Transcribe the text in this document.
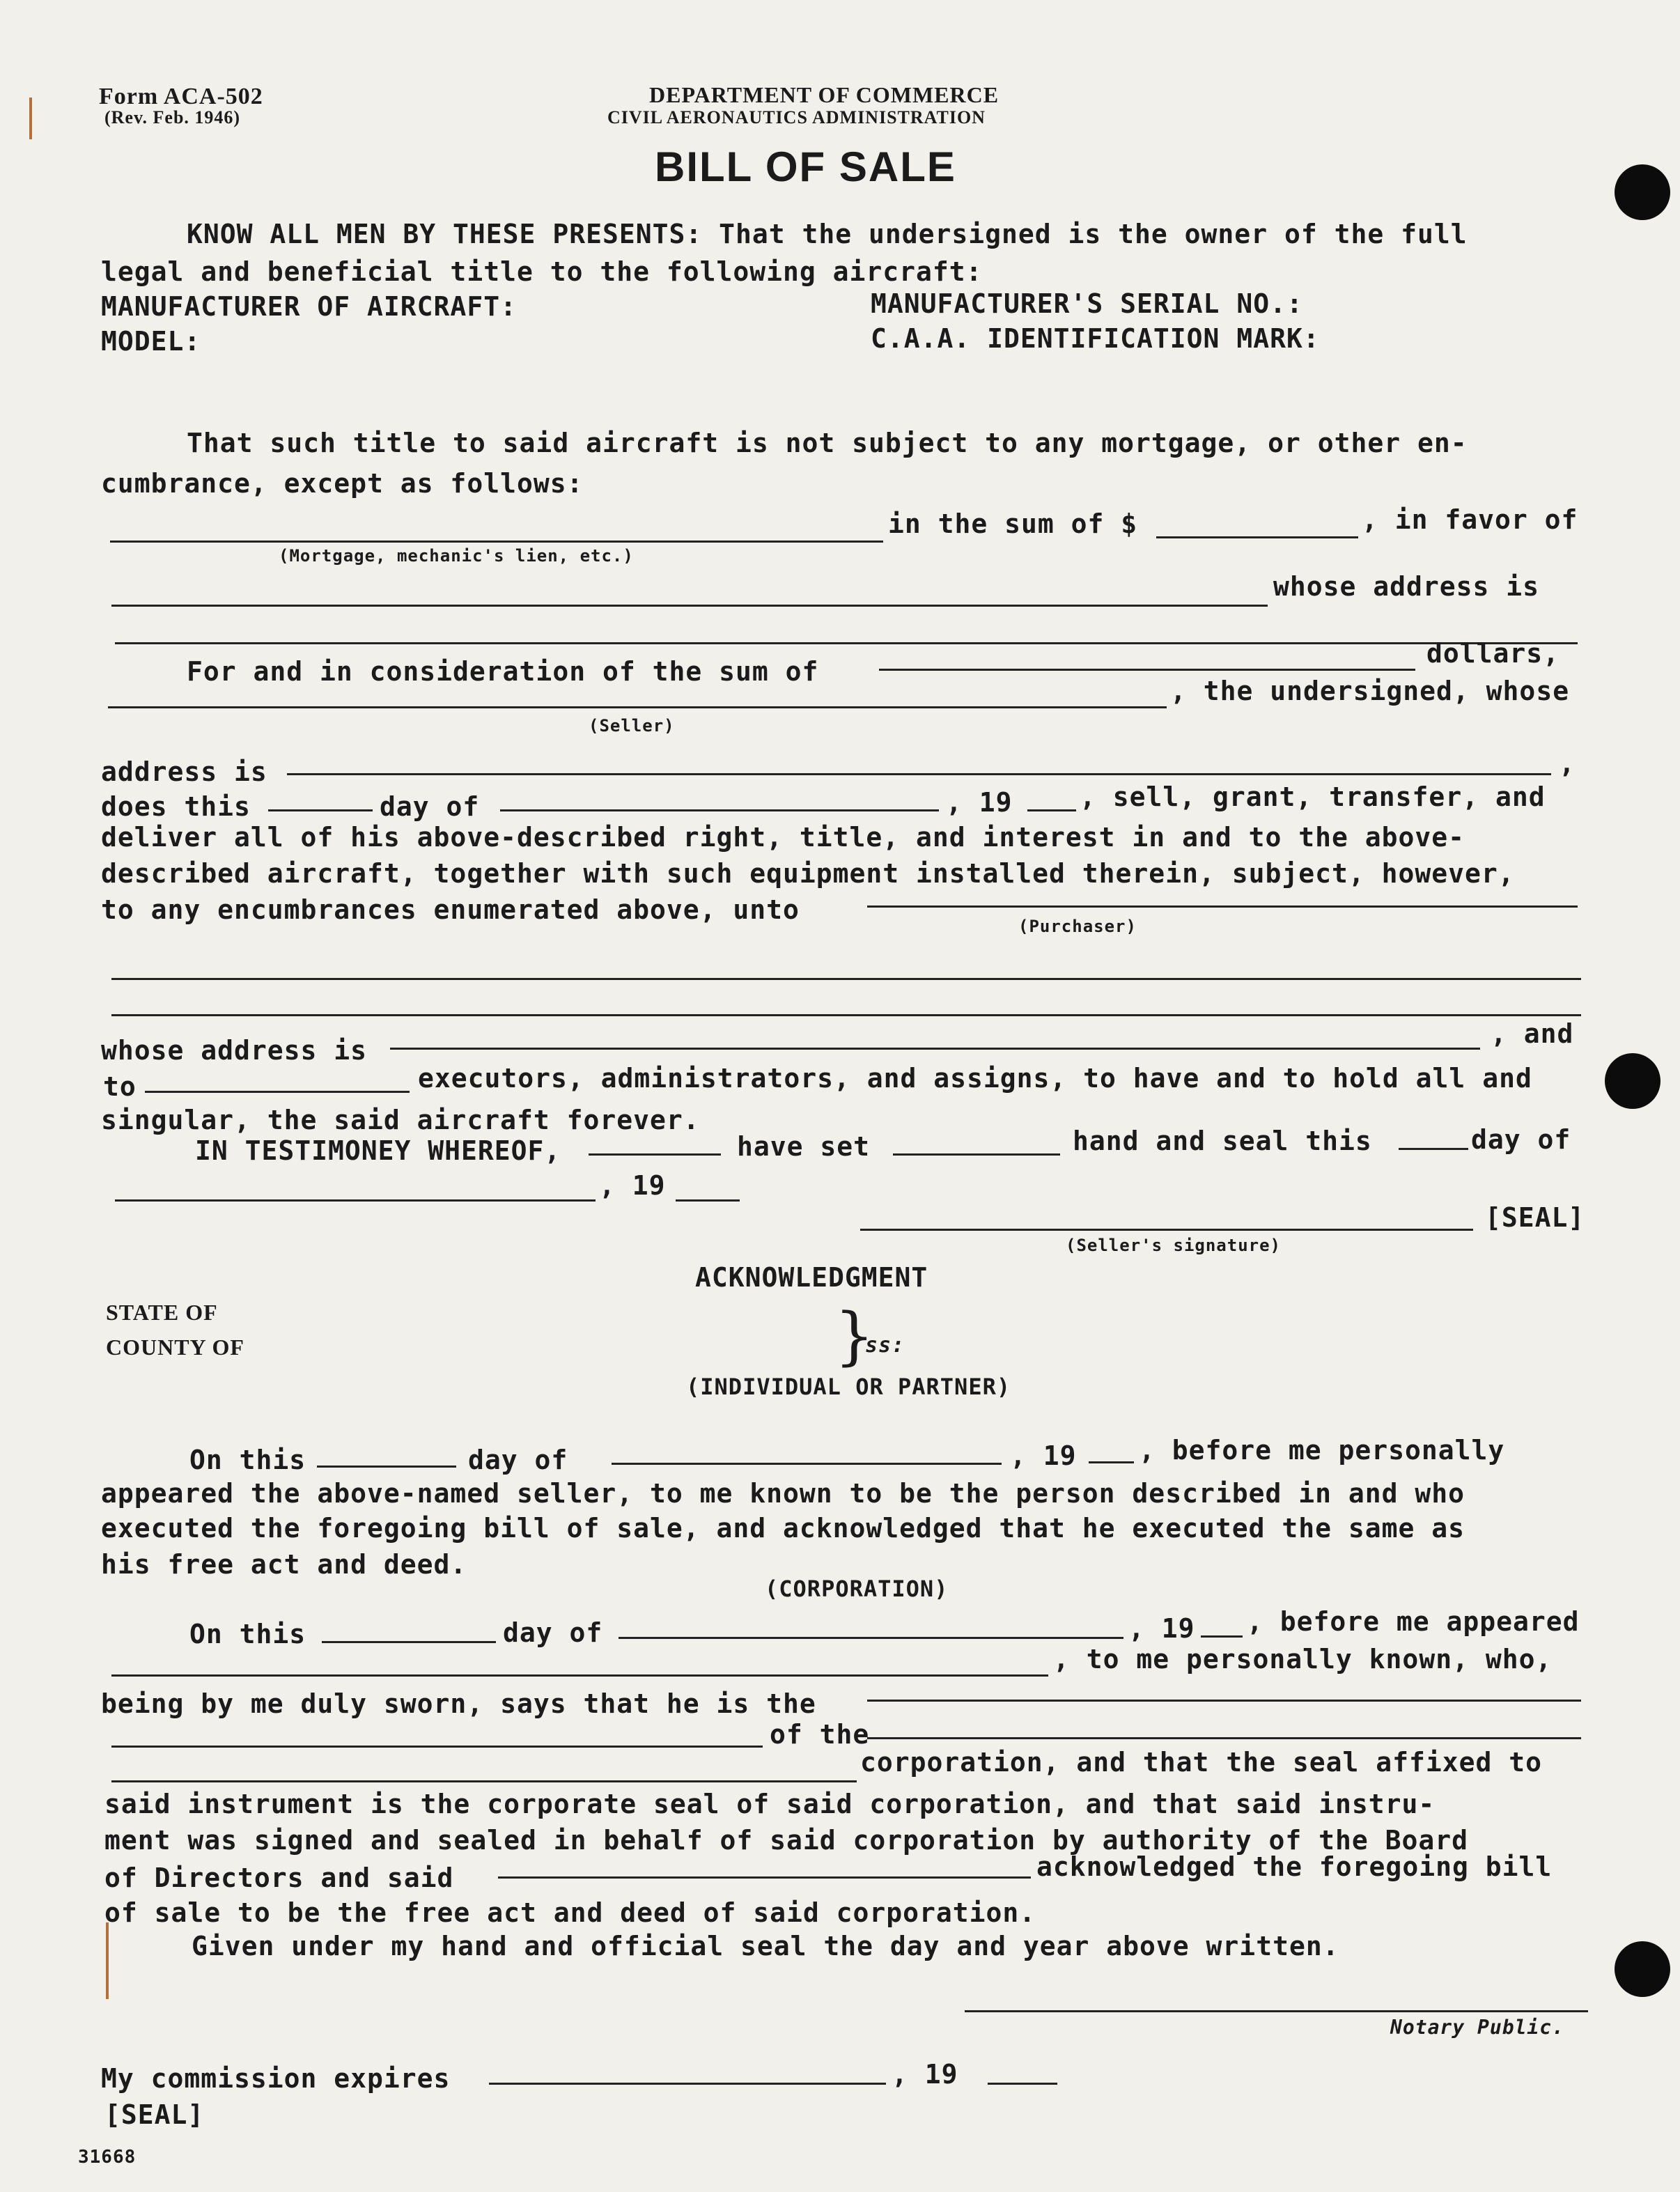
Form ACA-502
(Rev. Feb. 1946)
DEPARTMENT OF COMMERCE
CIVIL AERONAUTICS ADMINISTRATION
BILL OF SALE
KNOW ALL MEN BY THESE PRESENTS: That the undersigned is the owner of the full
legal and beneficial title to the following aircraft:
MANUFACTURER OF AIRCRAFT:	MANUFACTURER'S SERIAL NO.:
MODEL:	C.A.A. IDENTIFICATION MARK:
That such title to said aircraft is not subject to any mortgage, or other en-
cumbrance, except as follows:
in the sum of $	, in favor of
(Mortgage, mechanic's lien, etc.)
whose address is
For and in consideration of the sum of
dollars,
, the undersigned, whose
(Seller)
address is	,
does this	day of	, 19	, sell, grant, transfer, and
deliver all of his above-described right, title, and interest in and to the above-
described aircraft, together with such equipment installed therein, subject, however,
to any encumbrances enumerated above, unto
(Purchaser)
whose address is
, and
to	executors, administrators, and assigns, to have and to hold all and
singular, the said aircraft forever.
IN TESTIMONEY WHEREOF,	have set	hand and seal this	day of
, 19
[SEAL]
(Seller's signature)
ACKNOWLEDGMENT
STATE OF
COUNTY OF	}
ss:
(INDIVIDUAL OR PARTNER)
On this	day of	, 19 , before me personally
appeared the above-named seller, to me known to be the person described in and who
executed the foregoing bill of sale, and acknowledged that he executed the same as
his free act and deed.
(CORPORATION)
On this	day of	, 19 , before me appeared
, to me personally known, who,
being by me duly sworn, says that he is the
of the
corporation, and that the seal affixed to
said instrument is the corporate seal of said corporation, and that said instru-
ment was signed and sealed in behalf of said corporation by authority of the Board
of Directors and said	acknowledged the foregoing bill
of sale to be the free act and deed of said corporation.
Given under my hand and official seal the day and year above written.
Notary Public.
My commission expires	, 19
[SEAL]
31668
